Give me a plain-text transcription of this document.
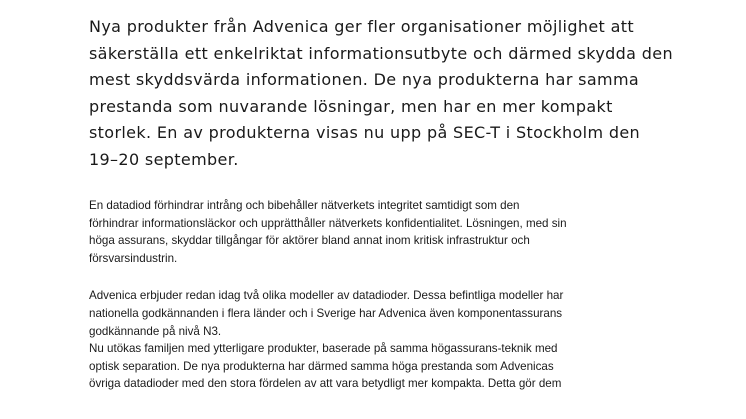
Nya produkter från Advenica ger fler organisationer möjlighet att
säkerställa ett enkelriktat informationsutbyte och därmed skydda den
mest skyddsvärda informationen. De nya produkterna har samma
prestanda som nuvarande lösningar, men har en mer kompakt
storlek. En av produkterna visas nu upp på SEC-T i Stockholm den
19–20 september.
En datadiod förhindrar intrång och bibehåller nätverkets integritet samtidigt som den
förhindrar informationsläckor och upprätthåller nätverkets konfidentialitet. Lösningen, med sin
höga assurans, skyddar tillgångar för aktörer bland annat inom kritisk infrastruktur och
försvarsindustrin.
Advenica erbjuder redan idag två olika modeller av datadioder. Dessa befintliga modeller har
nationella godkännanden i flera länder och i Sverige har Advenica även komponentassurans
godkännande på nivå N3.
Nu utökas familjen med ytterligare produkter, baserade på samma högassurans-teknik med
optisk separation. De nya produkterna har därmed samma höga prestanda som Advenicas
övriga datadioder med den stora fördelen av att vara betydligt mer kompakta. Detta gör dem
